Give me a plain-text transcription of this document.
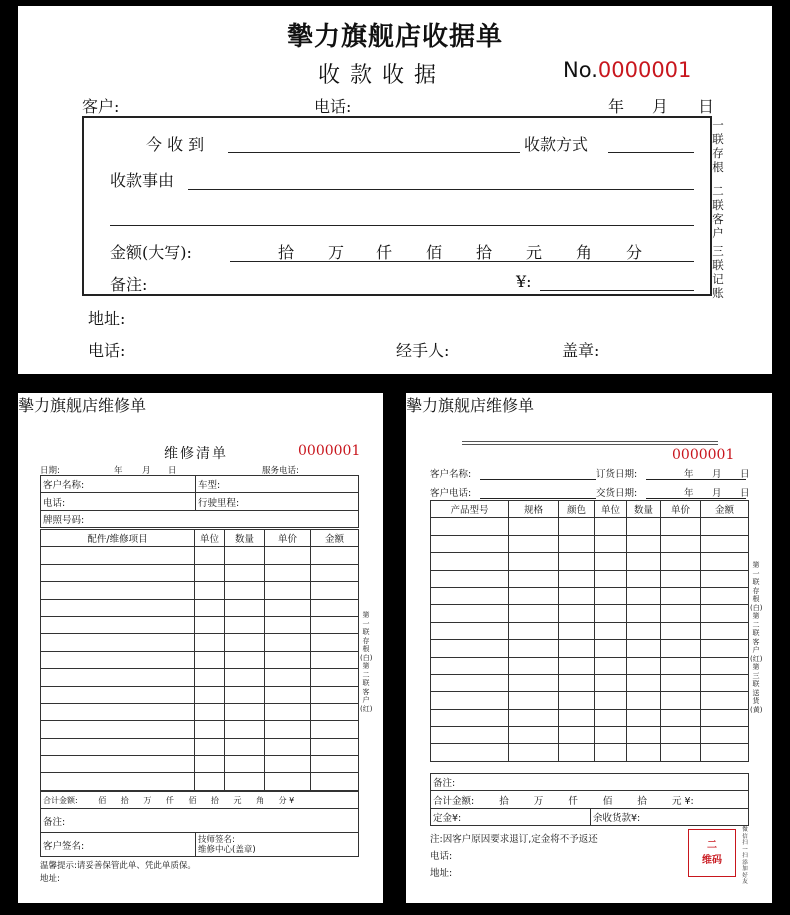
摰力旗舰店收据单
收款收据	No.0000001
客户:	电话:	年 月 日
今 收 到	收款方式
收款事由
金额(大写):	拾 万 仟 佰 拾 元 角 分
备注:	¥:
一联存根
二联客户
三联记账
地址:
电话:	经手人:	盖章:
摰力旗舰店维修单
维修清单	0000001
日期:	年 月 日	服务电话:
客户名称:	车型:
电话:	行驶里程:
牌照号码:	
配件/维修项目	单位	数量	单价	金额

合计金额:	佰 拾 万 仟 佰 拾 元 角 分 ¥
备注:
客户签名:	
技师签名:
维修中心(盖章)
温馨提示:请妥善保管此单、凭此单质保。
地址:
第一联存根(白)第二联客户(红)
摰力旗舰店维修单
0000001
客户名称:	订货日期:	年 月 日
客户电话:	交货日期:	年 月 日
产品型号	规格	颜色	单位	数量	单价	金额

备注:
合计金额:	拾	万	仟	佰	拾	元 ¥:
定金¥:	余收货款¥:
注:因客户原因要求退订,定金将不予返还
电话:
地址:
二
维码
微信扫一扫添加好友
第一联存根(白)第二联客户(红)第三联送货(黄)
